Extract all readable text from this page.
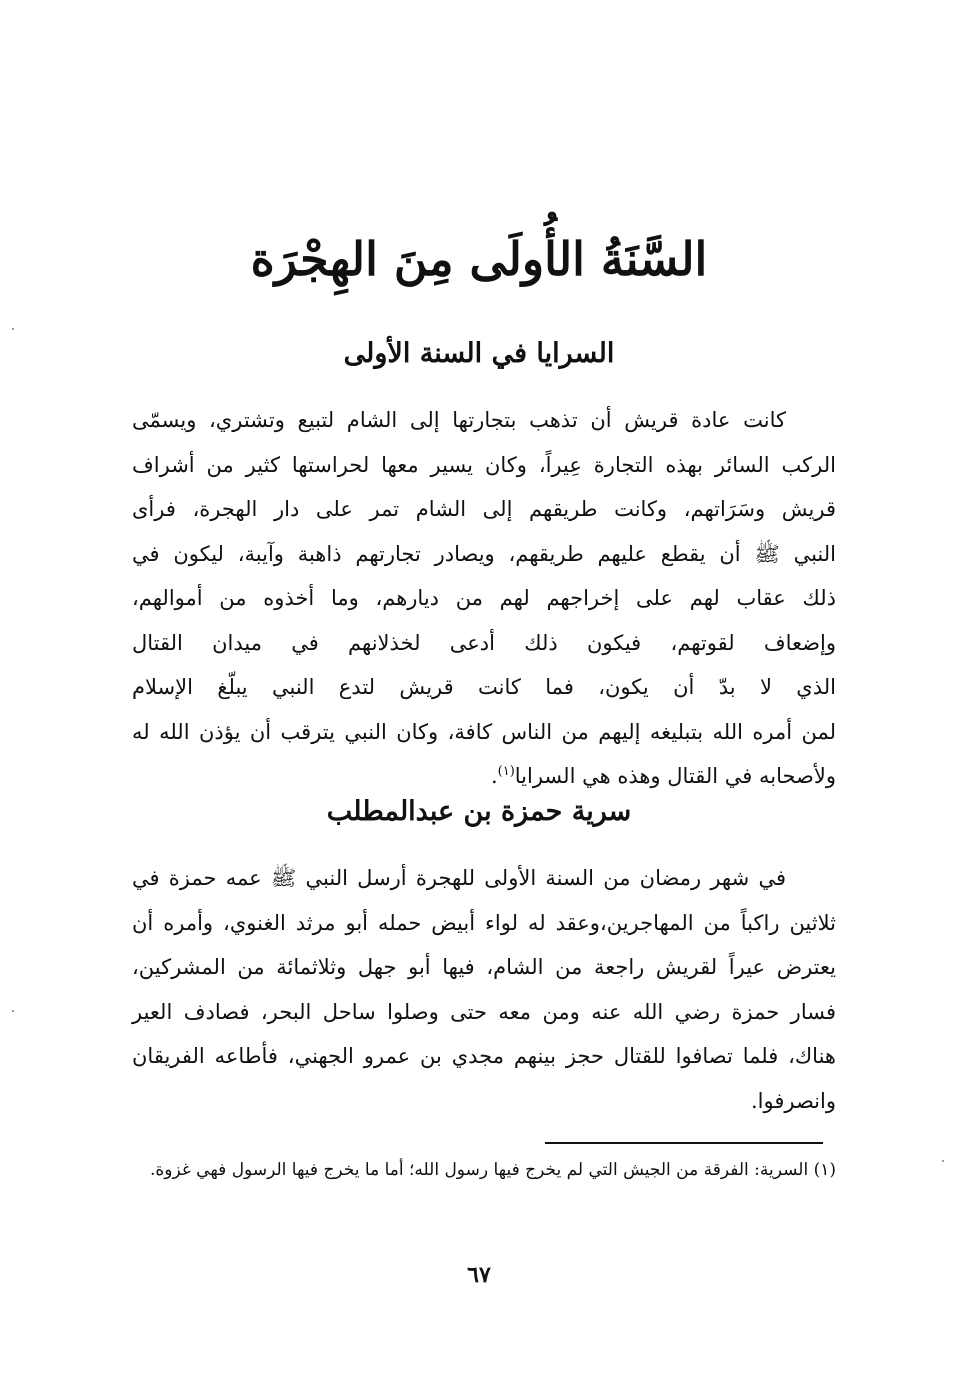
السَّنَةُ الأُولَى مِنَ الهِجْرَة
السرايا في السنة الأولى
كانت عادة قريش أن تذهب بتجارتها إلى الشام لتبيع وتشتري، ويسمّى
الركب السائر بهذه التجارة عِيراً، وكان يسير معها لحراستها كثير من أشراف
قريش وسَرَاتهم، وكانت طريقهم إلى الشام تمر على دار الهجرة، فرأى
النبي ﷺ أن يقطع عليهم طريقهم، ويصادر تجارتهم ذاهبة وآيبة، ليكون في
ذلك عقاب لهم على إخراجهم لهم من ديارهم، وما أخذوه من أموالهم،
وإضعاف لقوتهم، فيكون ذلك أدعى لخذلانهم في ميدان القتال
الذي لا بدّ أن يكون، فما كانت قريش لتدع النبي يبلّغ الإسلام
لمن أمره الله بتبليغه إليهم من الناس كافة، وكان النبي يترقب أن يؤذن الله له
ولأصحابه في القتال وهذه هي السرايا$^{(١)}$.
سرية حمزة بن عبدالمطلب
في شهر رمضان من السنة الأولى للهجرة أرسل النبي ﷺ عمه حمزة في
ثلاثين راكباً من المهاجرين،وعقد له لواء أبيض حمله أبو مرثد الغنوي، وأمره أن
يعترض عيراً لقريش راجعة من الشام، فيها أبو جهل وثلاثمائة من المشركين،
فسار حمزة رضي الله عنه ومن معه حتى وصلوا ساحل البحر، فصادف العير
هناك، فلما تصافوا للقتال حجز بينهم مجدي بن عمرو الجهني، فأطاعه الفريقان
وانصرفوا.
(١) السرية: الفرقة من الجيش التي لم يخرج فيها رسول الله؛ أما ما يخرج فيها الرسول فهي غزوة.
٦٧
